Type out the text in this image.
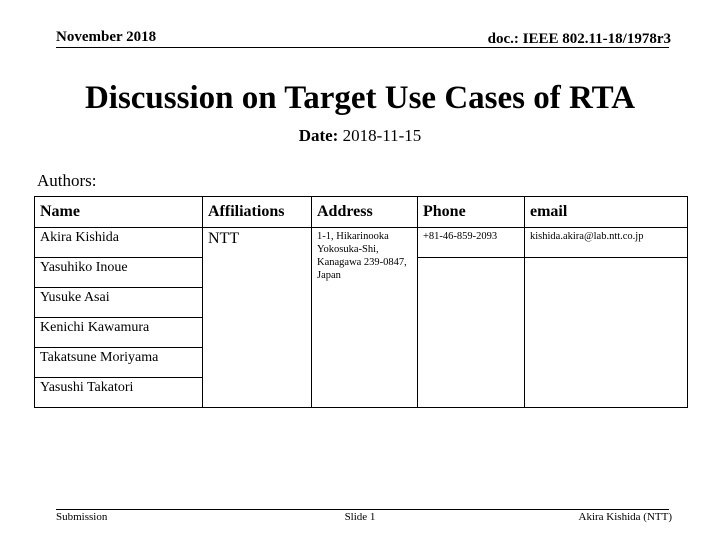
November 2018	doc.: IEEE 802.11-18/1978r3
Discussion on Target Use Cases of RTA
Date: 2018-11-15
Authors:
Name	Affiliations	Address	Phone	email
Akira Kishida	NTT	1-1, Hikarinooka Yokosuka-Shi, Kanagawa 239-0847, Japan	+81-46-859-2093	kishida.akira@lab.ntt.co.jp
Yasuhiko Inoue				
Yusuke Asai				
Kenichi Kawamura				
Takatsune Moriyama				
Yasushi Takatori				
Submission	Slide 1	Akira Kishida (NTT)
